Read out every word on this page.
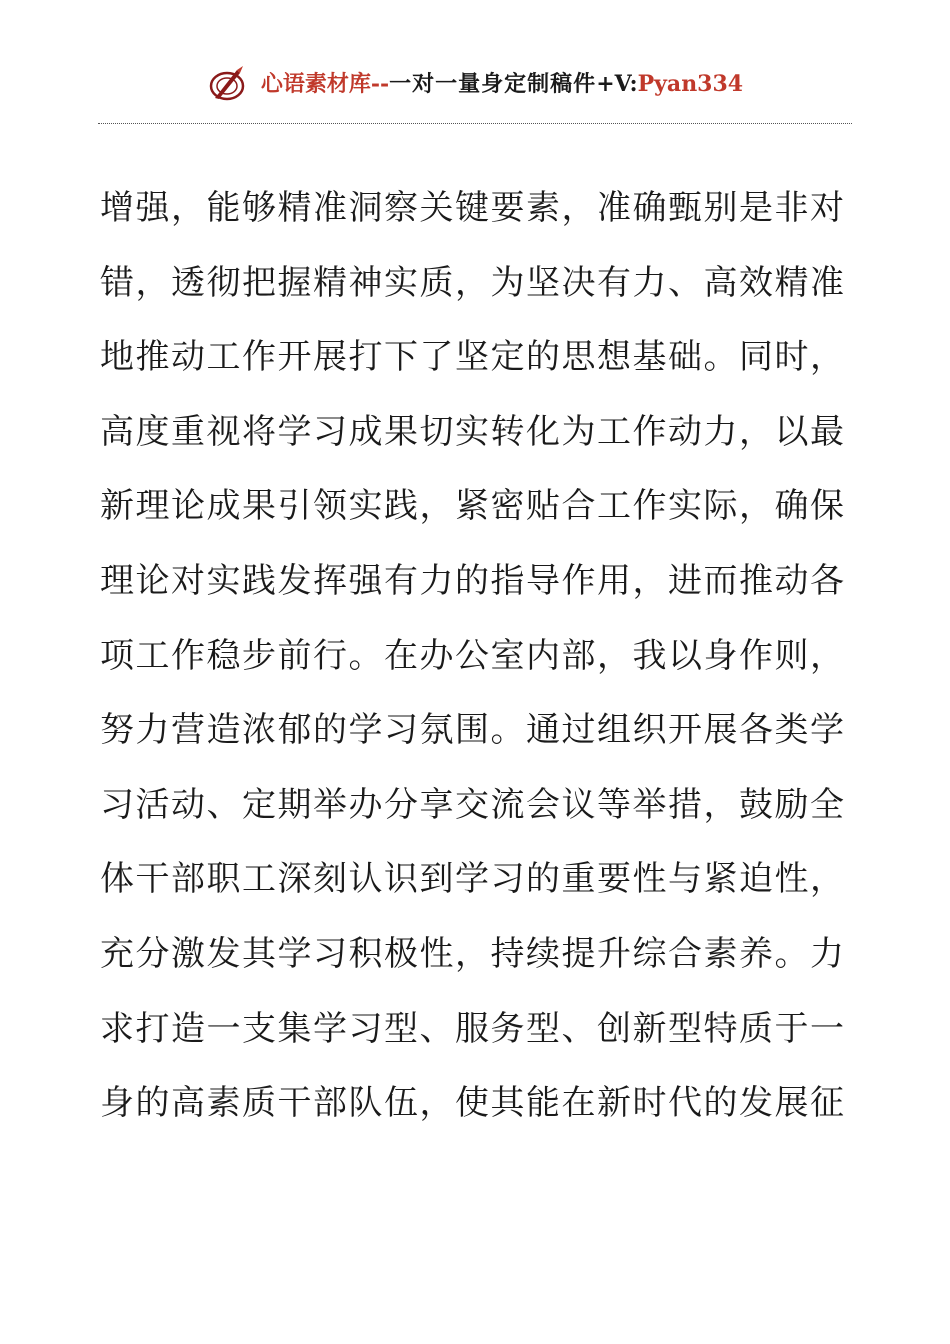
心语素材库--一对一量身定制稿件+V:Pyan334
增强，能够精准洞察关键要素，准确甄别是非对
错，透彻把握精神实质，为坚决有力、高效精准
地推动工作开展打下了坚定的思想基础。同时，
高度重视将学习成果切实转化为工作动力，以最
新理论成果引领实践，紧密贴合工作实际，确保
理论对实践发挥强有力的指导作用，进而推动各
项工作稳步前行。在办公室内部，我以身作则，
努力营造浓郁的学习氛围。通过组织开展各类学
习活动、定期举办分享交流会议等举措，鼓励全
体干部职工深刻认识到学习的重要性与紧迫性，
充分激发其学习积极性，持续提升综合素养。力
求打造一支集学习型、服务型、创新型特质于一
身的高素质干部队伍，使其能在新时代的发展征
